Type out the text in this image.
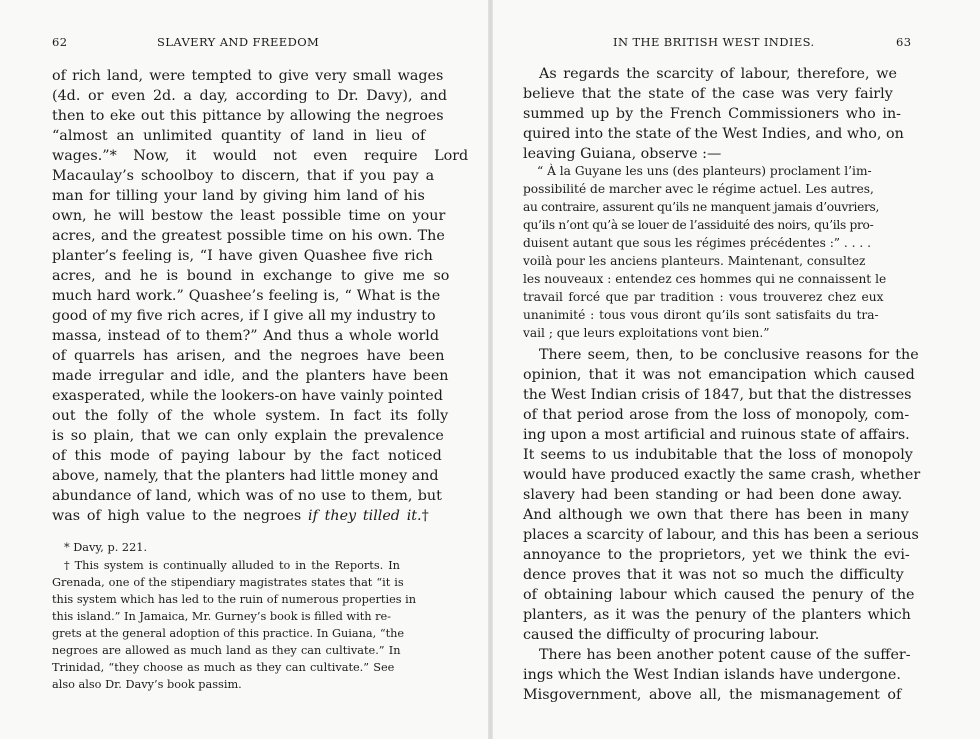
62	SLAVERY AND FREEDOM
of rich land, were tempted to give very small wages
(4d. or even 2d. a day, according to Dr. Davy), and
then to eke out this pittance by allowing the negroes
“almost an unlimited quantity of land in lieu of
wages.”* Now, it would not even require Lord
Macaulay’s schoolboy to discern, that if you pay a
man for tilling your land by giving him land of his
own, he will bestow the least possible time on your
acres, and the greatest possible time on his own. The
planter’s feeling is, “I have given Quashee five rich
acres, and he is bound in exchange to give me so
much hard work.” Quashee’s feeling is, “ What is the
good of my five rich acres, if I give all my industry to
massa, instead of to them?” And thus a whole world
of quarrels has arisen, and the negroes have been
made irregular and idle, and the planters have been
exasperated, while the lookers-on have vainly pointed
out the folly of the whole system. In fact its folly
is so plain, that we can only explain the prevalence
of this mode of paying labour by the fact noticed
above, namely, that the planters had little money and
abundance of land, which was of no use to them, but
was of high value to the negroes if they tilled it.†
* Davy, p. 221.
† This system is continually alluded to in the Reports. In
Grenada, one of the stipendiary magistrates states that “it is
this system which has led to the ruin of numerous properties in
this island.” In Jamaica, Mr. Gurney’s book is filled with re-
grets at the general adoption of this practice. In Guiana, “the
negroes are allowed as much land as they can cultivate.” In
Trinidad, “they choose as much as they can cultivate.” See
also also Dr. Davy’s book passim.
IN THE BRITISH WEST INDIES.	63
As regards the scarcity of labour, therefore, we
believe that the state of the case was very fairly
summed up by the French Commissioners who in-
quired into the state of the West Indies, and who, on
leaving Guiana, observe :—
“ À la Guyane les uns (des planteurs) proclament l’im-
possibilité de marcher avec le régime actuel. Les autres,
au contraire, assurent qu’ils ne manquent jamais d’ouvriers,
qu’ils n’ont qu’à se louer de l’assiduité des noirs, qu’ils pro-
duisent autant que sous les régimes précédentes :” . . . .
voilà pour les anciens planteurs. Maintenant, consultez
les nouveaux : entendez ces hommes qui ne connaissent le
travail forcé que par tradition : vous trouverez chez eux
unanimité : tous vous diront qu’ils sont satisfaits du tra-
vail ; que leurs exploitations vont bien.”
There seem, then, to be conclusive reasons for the
opinion, that it was not emancipation which caused
the West Indian crisis of 1847, but that the distresses
of that period arose from the loss of monopoly, com-
ing upon a most artificial and ruinous state of affairs.
It seems to us indubitable that the loss of monopoly
would have produced exactly the same crash, whether
slavery had been standing or had been done away.
And although we own that there has been in many
places a scarcity of labour, and this has been a serious
annoyance to the proprietors, yet we think the evi-
dence proves that it was not so much the difficulty
of obtaining labour which caused the penury of the
planters, as it was the penury of the planters which
caused the difficulty of procuring labour.
There has been another potent cause of the suffer-
ings which the West Indian islands have undergone.
Misgovernment, above all, the mismanagement of
